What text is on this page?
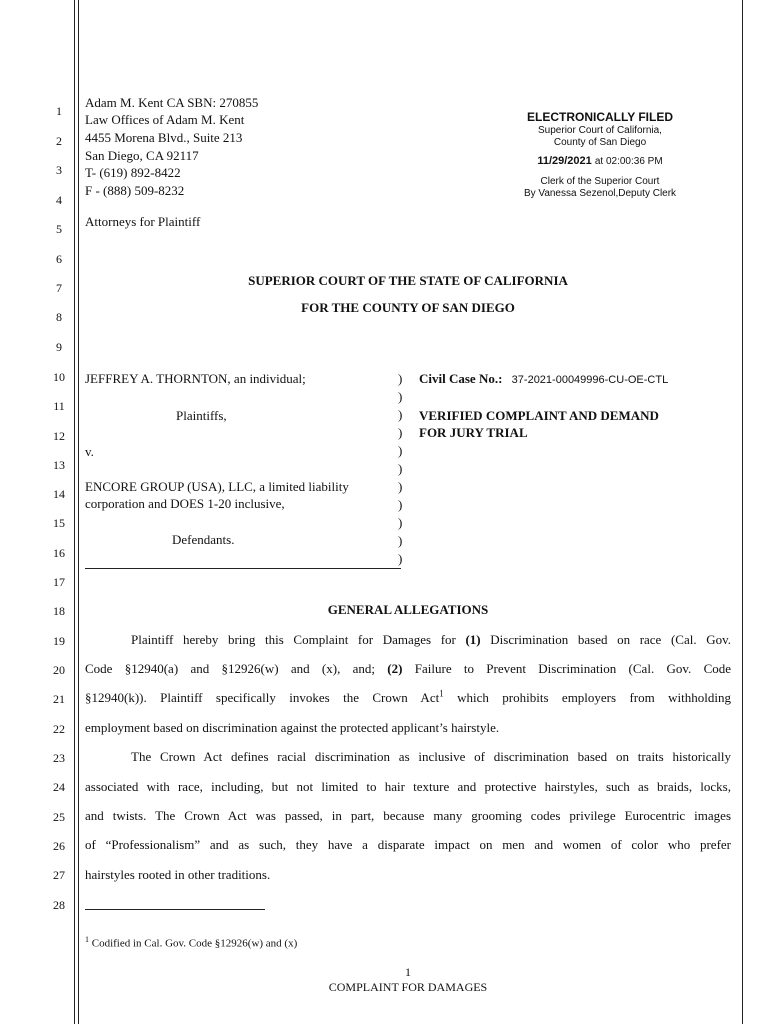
1
2
3
4
5
6
7
8
9
10
11
12
13
14
15
16
17
18
19
20
21
22
23
24
25
26
27
28
Adam M. Kent CA SBN: 270855
Law Offices of Adam M. Kent
4455 Morena Blvd., Suite 213
San Diego, CA 92117
T- (619) 892-8422
F - (888) 509-8232
Attorneys for Plaintiff
ELECTRONICALLY FILED
Superior Court of California,
County of San Diego
11/29/2021 at 02:00:36 PM
Clerk of the Superior Court
By Vanessa Sezenol,Deputy Clerk
SUPERIOR COURT OF THE STATE OF CALIFORNIA
FOR THE COUNTY OF SAN DIEGO
JEFFREY A. THORNTON, an individual;
Plaintiffs,
v.
ENCORE GROUP (USA), LLC, a limited liability
corporation and DOES 1-20 inclusive,
Defendants.
)
)
)
)
)
)
)
)
)
)
)
Civil Case No.: 37-2021-00049996-CU-OE-CTL
VERIFIED COMPLAINT AND DEMAND
FOR JURY TRIAL
GENERAL ALLEGATIONS
Plaintiff hereby bring this Complaint for Damages for (1) Discrimination based on race (Cal. Gov.
Code §12940(a) and §12926(w) and (x), and; (2) Failure to Prevent Discrimination (Cal. Gov. Code
§12940(k)). Plaintiff specifically invokes the Crown Act$^1$ which prohibits employers from withholding
employment based on discrimination against the protected applicant’s hairstyle.
The Crown Act defines racial discrimination as inclusive of discrimination based on traits historically
associated with race, including, but not limited to hair texture and protective hairstyles, such as braids, locks,
and twists. The Crown Act was passed, in part, because many grooming codes privilege Eurocentric images
of “Professionalism” and as such, they have a disparate impact on men and women of color who prefer
hairstyles rooted in other traditions.
$^1$ Codified in Cal. Gov. Code §12926(w) and (x)
1
COMPLAINT FOR DAMAGES
